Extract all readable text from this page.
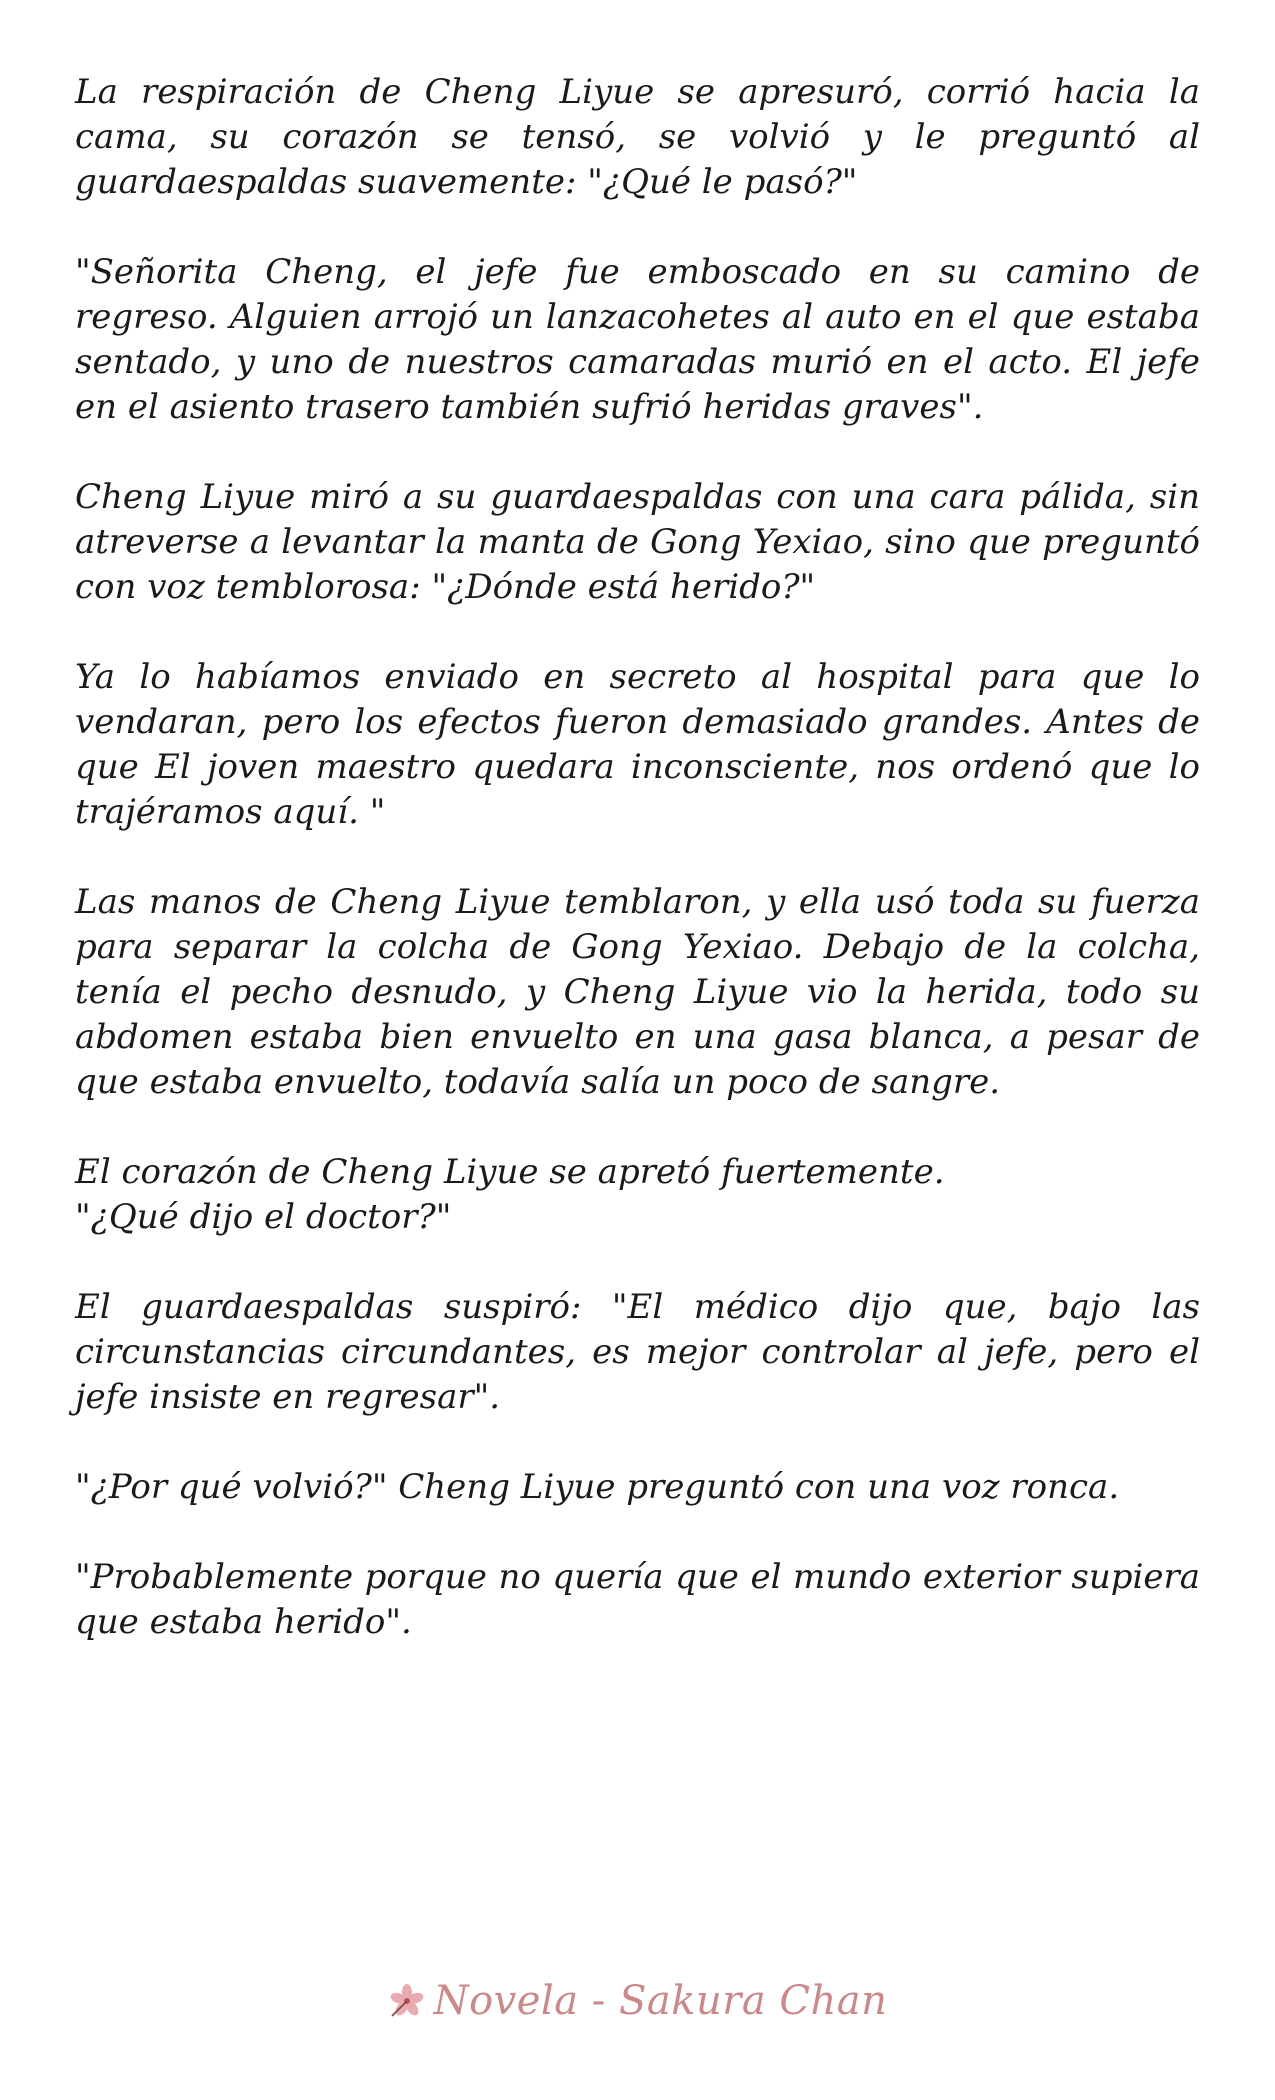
La respiración de Cheng Liyue se apresuró, corrió hacia la cama, su corazón se tensó, se volvió y le preguntó al guardaespaldas suavemente: "¿Qué le pasó?"

"Señorita Cheng, el jefe fue emboscado en su camino de regreso. Alguien arrojó un lanzacohetes al auto en el que estaba sentado, y uno de nuestros camaradas murió en el acto. El jefe en el asiento trasero también sufrió heridas graves".

Cheng Liyue miró a su guardaespaldas con una cara pálida, sin atreverse a levantar la manta de Gong Yexiao, sino que preguntó con voz temblorosa: "¿Dónde está herido?"

Ya lo habíamos enviado en secreto al hospital para que lo vendaran, pero los efectos fueron demasiado grandes. Antes de que El joven maestro quedara inconsciente, nos ordenó que lo trajéramos aquí. "

Las manos de Cheng Liyue temblaron, y ella usó toda su fuerza para separar la colcha de Gong Yexiao. Debajo de la colcha, tenía el pecho desnudo, y Cheng Liyue vio la herida, todo su abdomen estaba bien envuelto en una gasa blanca, a pesar de que estaba envuelto, todavía salía un poco de sangre.

El corazón de Cheng Liyue se apretó fuertemente.

"¿Qué dijo el doctor?"

El guardaespaldas suspiró: "El médico dijo que, bajo las circunstancias circundantes, es mejor controlar al jefe, pero el jefe insiste en regresar".

"¿Por qué volvió?" Cheng Liyue preguntó con una voz ronca.

"Probablemente porque no quería que el mundo exterior supiera que estaba herido".

Novela - Sakura Chan
